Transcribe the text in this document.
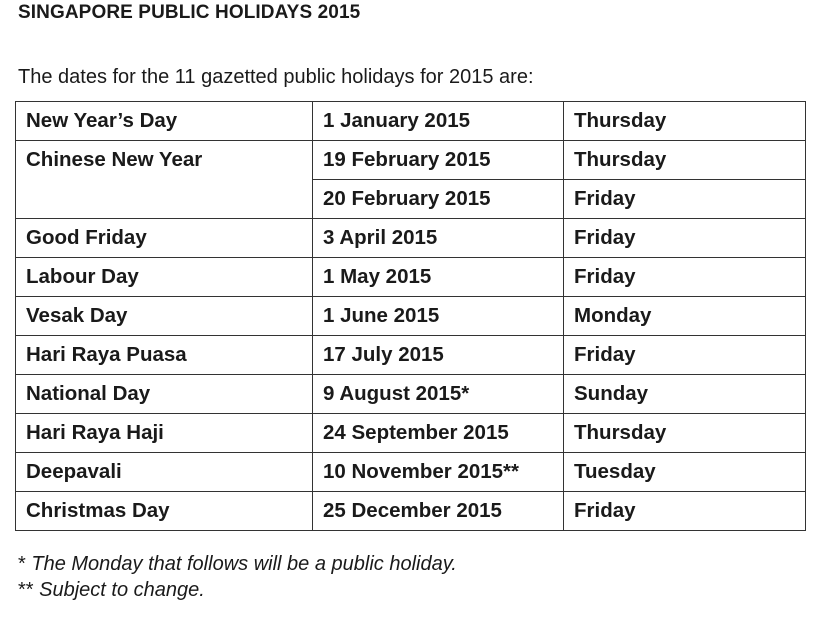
SINGAPORE PUBLIC HOLIDAYS 2015
The dates for the 11 gazetted public holidays for 2015 are:
New Year’s Day	1 January 2015	Thursday
Chinese New Year	19 February 2015	Thursday
	20 February 2015	Friday
Good Friday	3 April 2015	Friday
Labour Day	1 May 2015	Friday
Vesak Day	1 June 2015	Monday
Hari Raya Puasa	17 July 2015	Friday
National Day	9 August 2015*	Sunday
Hari Raya Haji	24 September 2015	Thursday
Deepavali	10 November 2015**	Tuesday
Christmas Day	25 December 2015	Friday
* The Monday that follows will be a public holiday.
** Subject to change.
